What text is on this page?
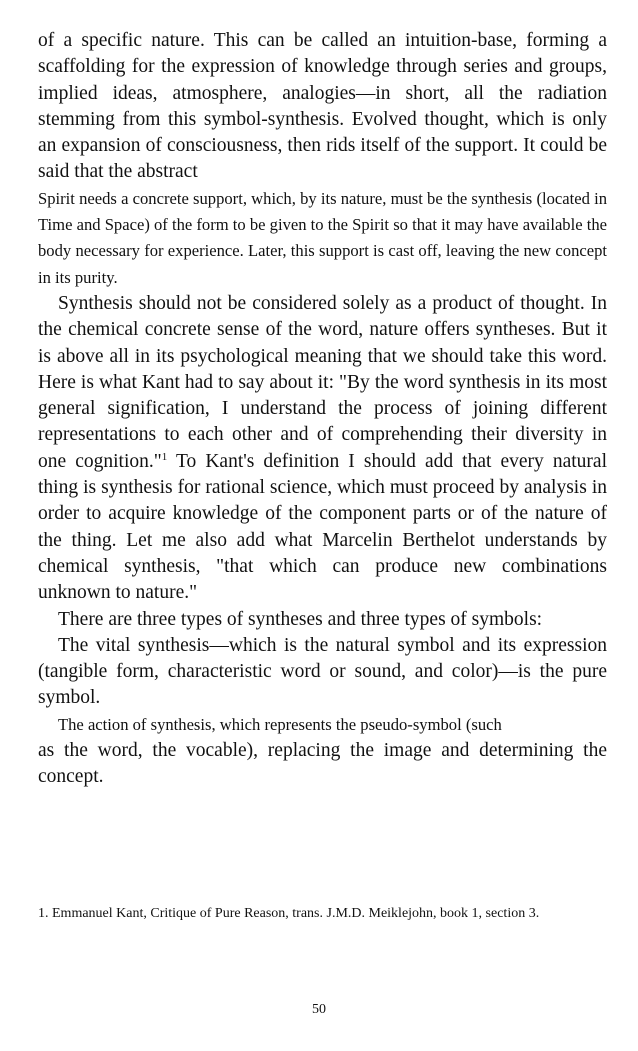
of a specific nature. This can be called an intuition-base, forming a scaffolding for the expression of knowledge through series and groups, implied ideas, atmosphere, analogies—in short, all the radiation stemming from this symbol-synthesis. Evolved thought, which is only an expansion of consciousness, then rids itself of the support. It could be said that the abstract

Spirit needs a concrete support, which, by its nature, must be the synthesis (located in Time and Space) of the form to be given to the Spirit so that it may have available the body necessary for experience. Later, this support is cast off, leaving the new concept in its purity.

Synthesis should not be considered solely as a product of thought. In the chemical concrete sense of the word, nature offers syntheses. But it is above all in its psychological meaning that we should take this word. Here is what Kant had to say about it: "By the word synthesis in its most general signification, I understand the process of joining different representations to each other and of comprehending their diversity in one cognition."$^1$ To Kant's definition I should add that every natural thing is synthesis for rational science, which must proceed by analysis in order to acquire knowledge of the component parts or of the nature of the thing. Let me also add what Marcelin Berthelot understands by chemical synthesis, "that which can produce new combinations unknown to nature."

There are three types of syntheses and three types of symbols:

The vital synthesis—which is the natural symbol and its expression (tangible form, characteristic word or sound, and color)—is the pure symbol.

The action of synthesis, which represents the pseudo-symbol (such

as the word, the vocable), replacing the image and determining the concept.

1. Emmanuel Kant, Critique of Pure Reason, trans. J.M.D. Meiklejohn, book 1, section 3.

50
